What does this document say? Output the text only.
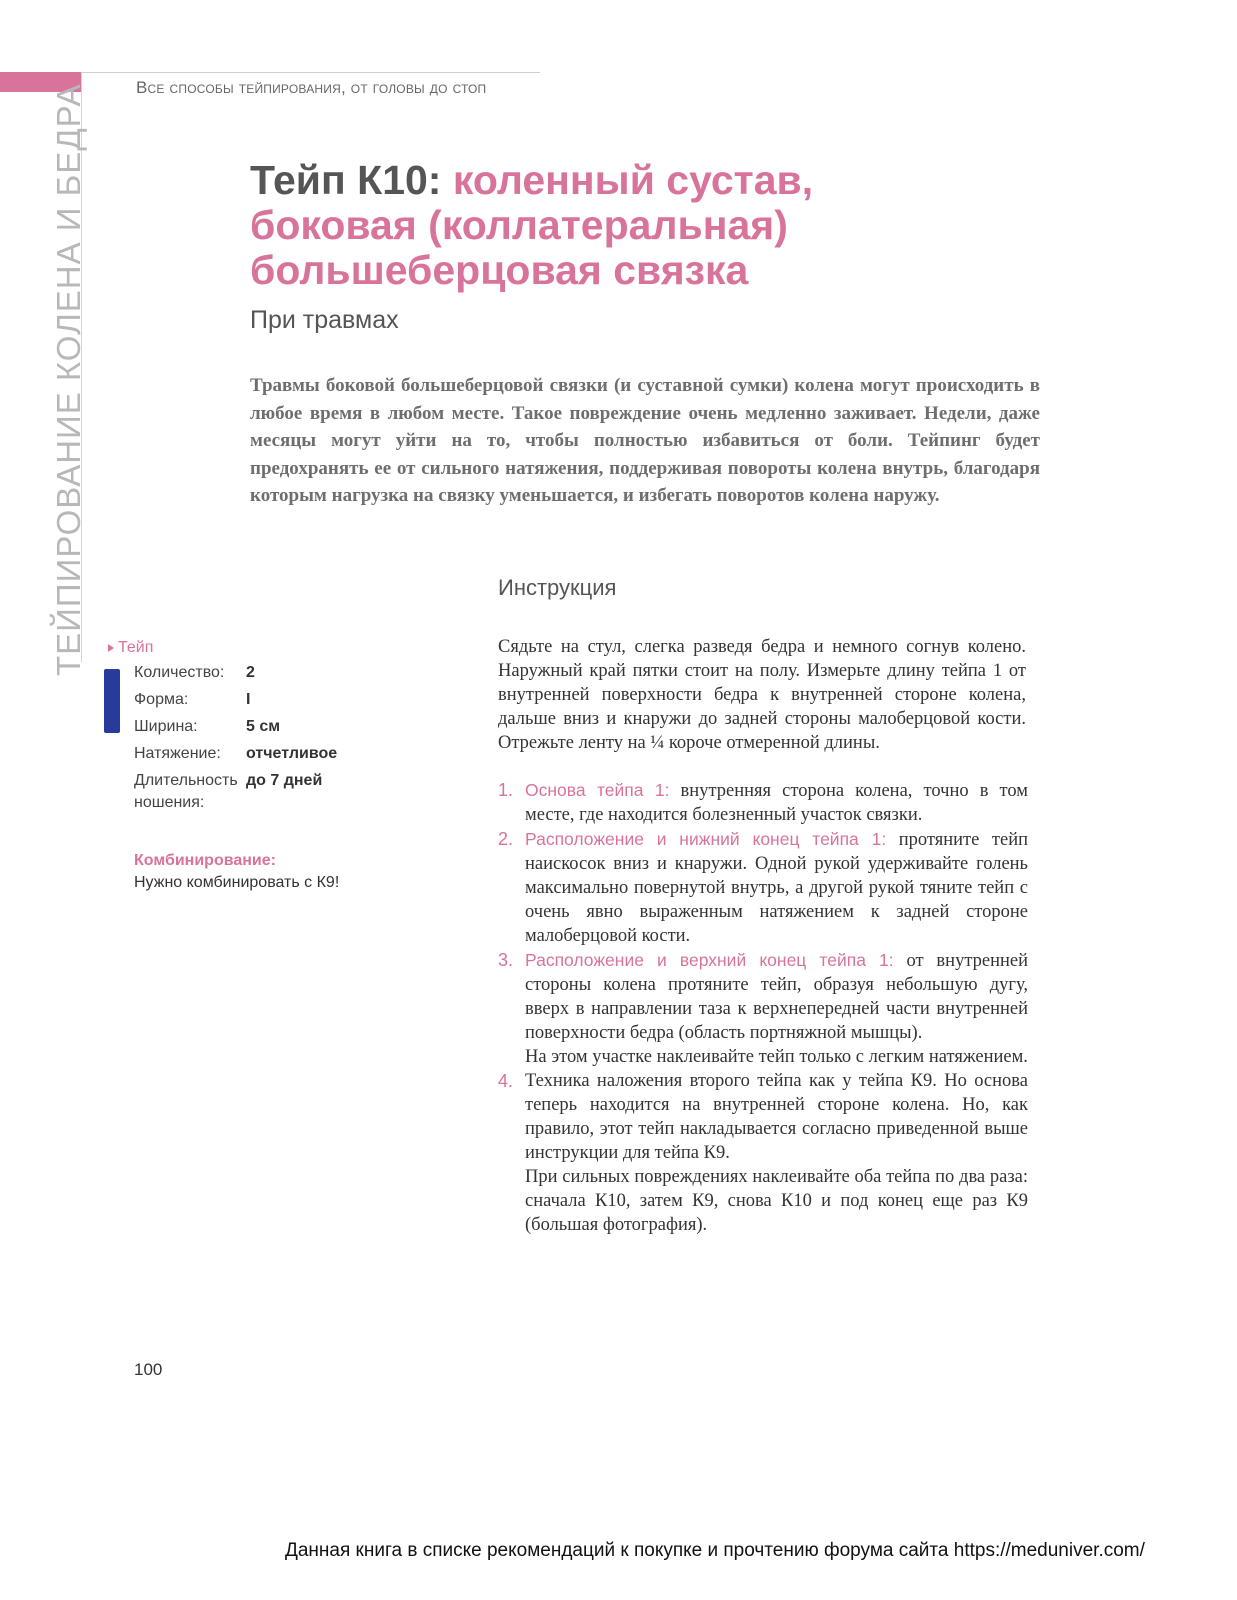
Все способы тейпирования, от головы до стоп
ТЕЙПИРОВАНИЕ КОЛЕНА И БЕДРА	Тейп К10: коленный сустав,
боковая (коллатеральная)
большеберцовая связка
При травмах
Травмы боковой большеберцовой связки (и суставной сумки) колена могут происходить в любое время в любом месте. Такое повреждение очень медленно заживает. Недели, даже месяцы могут уйти на то, чтобы полностью избавиться от боли. Тейпинг будет предохранять ее от сильного натяжения, поддерживая повороты колена внутрь, благодаря которым нагрузка на связку уменьшается, и избегать поворотов колена наружу.
Тейп
Количество:	2
Форма:	I
Ширина:	5 см
Натяжение:	отчетливое
Длительность ношения:	до 7 дней
Комбинирование:
Нужно комбинировать с К9!
Инструкция
Сядьте на стул, слегка разведя бедра и немного согнув колено. Наружный край пятки стоит на полу. Измерьте длину тейпа 1 от внутренней поверхности бедра к внутренней стороне колена, дальше вниз и кнаружи до задней стороны малоберцовой кости. Отрежьте ленту на ¼ короче отмеренной длины.
1. Основа тейпа 1: внутренняя сторона колена, точно в том месте, где находится болезненный участок связки.
2. Расположение и нижний конец тейпа 1: протяните тейп наискосок вниз и кнаружи. Одной рукой удерживайте голень максимально повернутой внутрь, а другой рукой тяните тейп с очень явно выраженным натяжением к задней стороне малоберцовой кости.
3. Расположение и верхний конец тейпа 1: от внутренней стороны колена протяните тейп, образуя небольшую дугу, вверх в направлении таза к верхнепередней части внутренней поверхности бедра (область портняжной мышцы).
На этом участке наклеивайте тейп только с легким натяжением.
4. Техника наложения второго тейпа как у тейпа К9. Но основа теперь находится на внутренней стороне колена. Но, как правило, этот тейп накладывается согласно приведенной выше инструкции для тейпа К9.
При сильных повреждениях наклеивайте оба тейпа по два раза: сначала К10, затем К9, снова К10 и под конец еще раз К9 (большая фотография).
100
Данная книга в списке рекомендаций к покупке и прочтению форума сайта https://meduniver.com/
